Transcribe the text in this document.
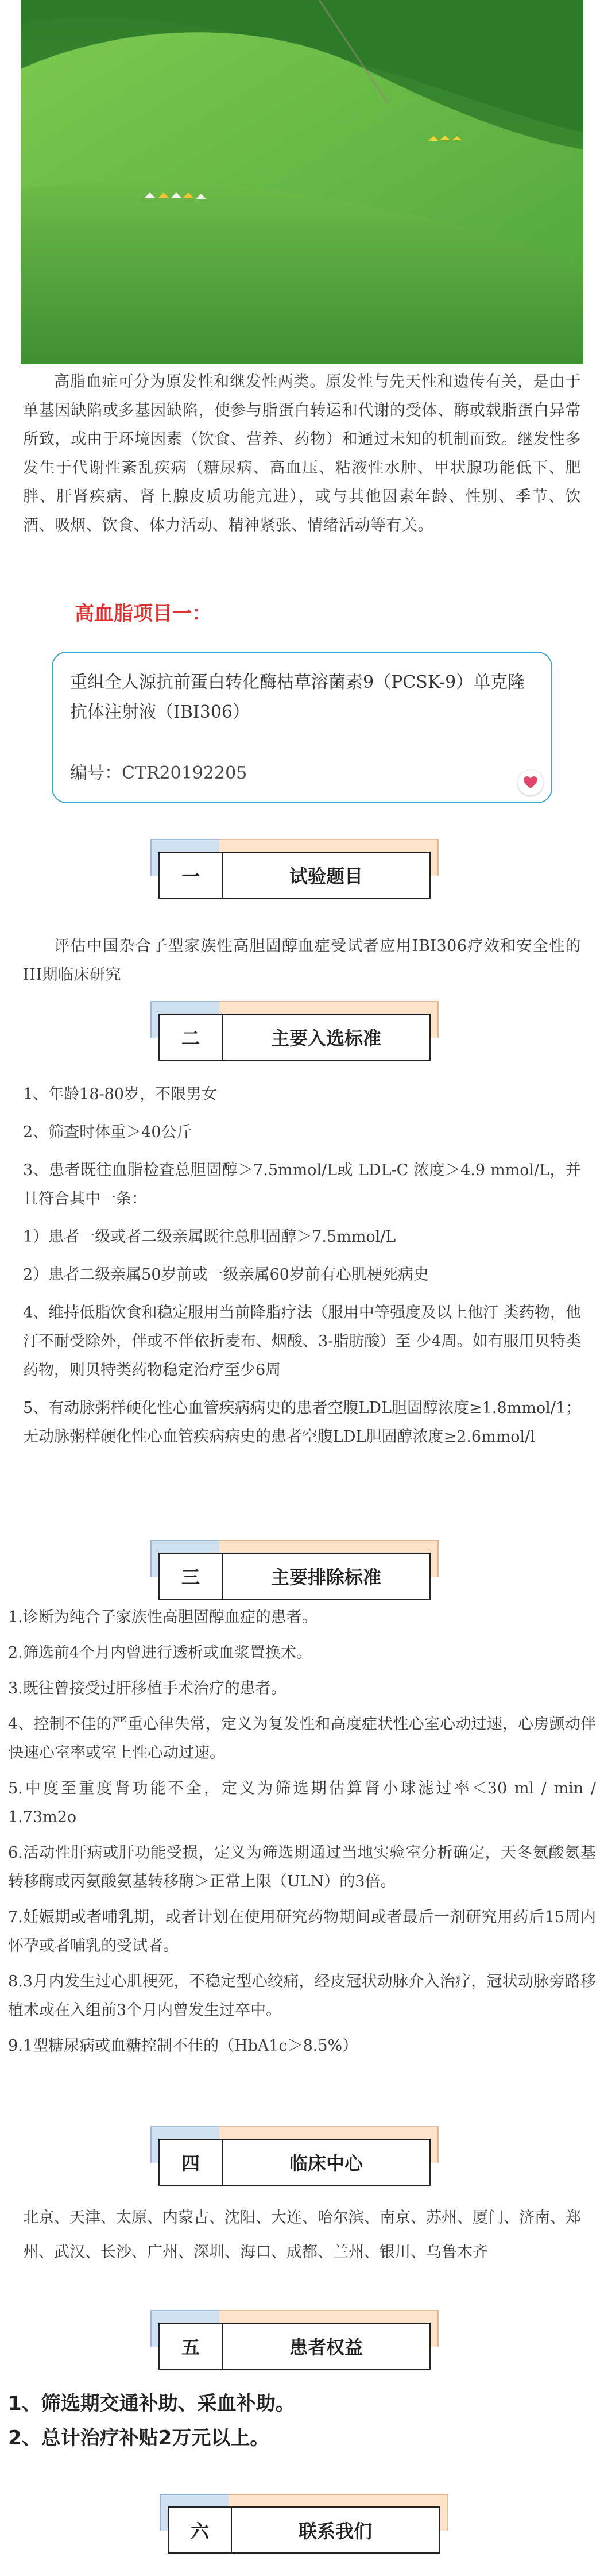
高脂血症可分为原发性和继发性两类。原发性与先天性和遗传有关，是由于单基因缺陷或多基因缺陷，使参与脂蛋白转运和代谢的受体、酶或载脂蛋白异常所致，或由于环境因素（饮食、营养、药物）和通过未知的机制而致。继发性多发生于代谢性紊乱疾病（糖尿病、高血压、粘液性水肿、甲状腺功能低下、肥胖、肝肾疾病、肾上腺皮质功能亢进），或与其他因素年龄、性别、季节、饮酒、吸烟、饮食、体力活动、精神紧张、情绪活动等有关。
高血脂项目一：
重组全人源抗前蛋白转化酶枯草溶菌素9（PCSK-9）单克隆抗体注射液（IBI306）
编号：CTR20192205
一	试验题目
评估中国杂合子型家族性高胆固醇血症受试者应用IBI306疗效和安全性的III期临床研究
二	主要入选标准

1、年龄18-80岁，不限男女

2、筛查时体重＞40公斤

3、患者既往血脂检查总胆固醇＞7.5mmol/L或 LDL-C 浓度＞4.9 mmol/L，并且符合其中一条：

1）患者一级或者二级亲属既往总胆固醇＞7.5mmol/L

2）患者二级亲属50岁前或一级亲属60岁前有心肌梗死病史

4、维持低脂饮食和稳定服用当前降脂疗法（服用中等强度及以上他汀 类药物，他汀不耐受除外，伴或不伴依折麦布、烟酸、3-脂肪酸）至 少4周。如有服用贝特类药物，则贝特类药物稳定治疗至少6周

5、有动脉粥样硬化性心血管疾病病史的患者空腹LDL胆固醇浓度≥1.8mmol/1；无动脉粥样硬化性心血管疾病病史的患者空腹LDL胆固醇浓度≥2.6mmol/l

三	主要排除标准

1.诊断为纯合子家族性高胆固醇血症的患者。

2.筛选前4个月内曾进行透析或血浆置换术。

3.既往曾接受过肝移植手术治疗的患者。

4、控制不佳的严重心律失常，定义为复发性和高度症状性心室心动过速，心房颤动伴快速心室率或室上性心动过速。

5.中度至重度肾功能不全，定义为筛选期估算肾小球滤过率＜30 ml / min / 1.73m2o

6.活动性肝病或肝功能受损，定义为筛选期通过当地实验室分析确定，天冬氨酸氨基转移酶或丙氨酸氨基转移酶＞正常上限（ULN）的3倍。

7.妊娠期或者哺乳期，或者计划在使用研究药物期间或者最后一剂研究用药后15周内怀孕或者哺乳的受试者。

8.3月内发生过心肌梗死，不稳定型心绞痛，经皮冠状动脉介入治疗，冠状动脉旁路移植术或在入组前3个月内曾发生过卒中。

9.1型糖尿病或血糖控制不佳的（HbA1c＞8.5%）

四	临床中心
北京、天津、太原、内蒙古、沈阳、大连、哈尔滨、南京、苏州、厦门、济南、郑州、武汉、长沙、广州、深圳、海口、成都、兰州、银川、乌鲁木齐
五	患者权益
1、筛选期交通补助、采血补助。
2、总计治疗补贴2万元以上。
六	联系我们
